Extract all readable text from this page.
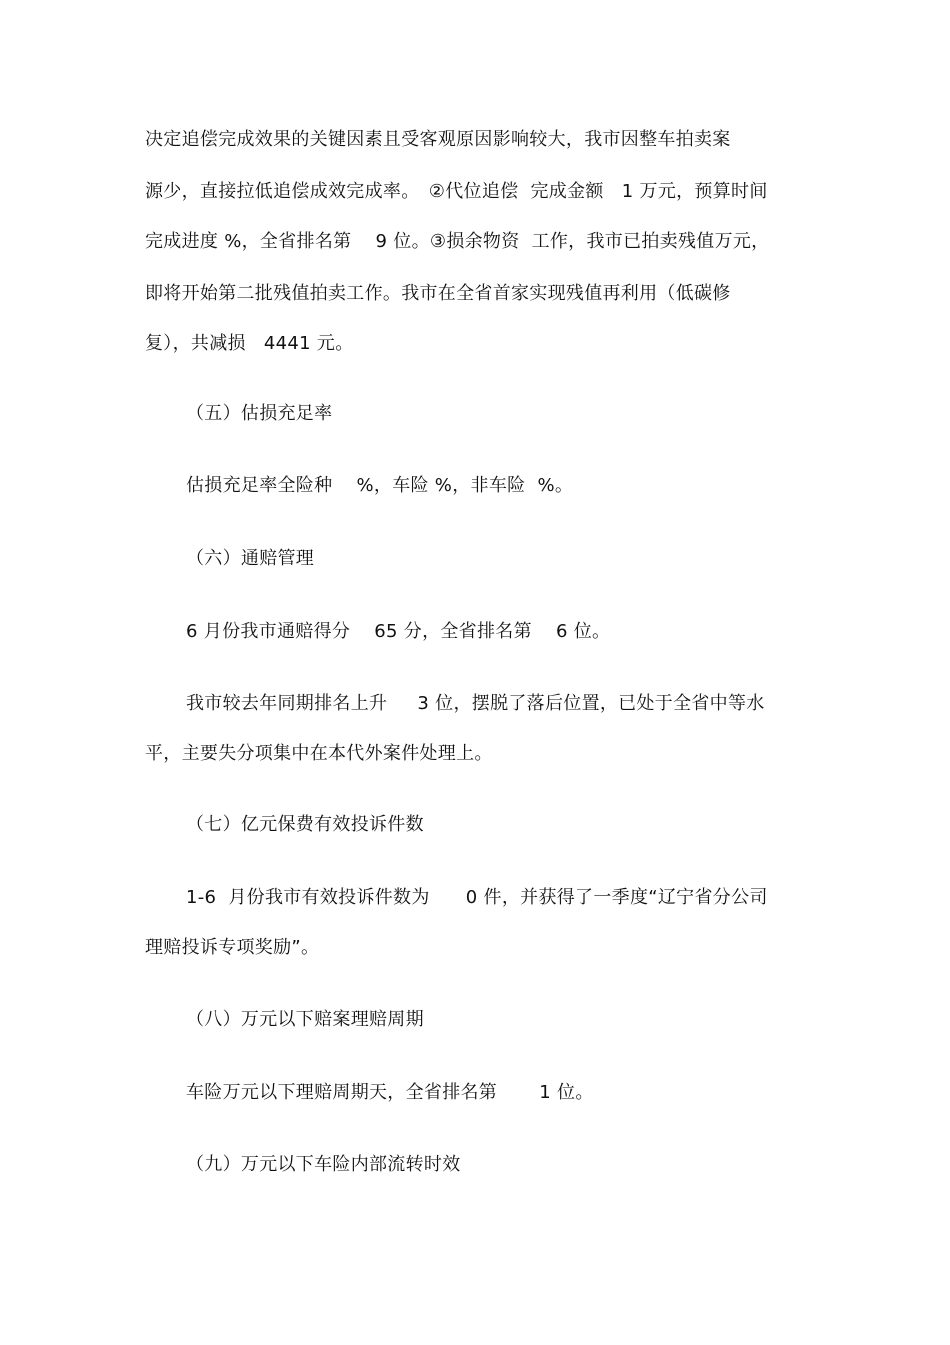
决定追偿完成效果的关键因素且受客观原因影响较大，我市因整车拍卖案
源少，直接拉低追偿成效完成率。　②代位追偿  完成金额   1 万元，预算时间
完成进度 %，全省排名第    9 位。③损余物资  工作，我市已拍卖残值万元，
即将开始第二批残值拍卖工作。我市在全省首家实现残值再利用（低碳修
复），共减损   4441 元。
（五）估损充足率
估损充足率全险种    %，车险 %，非车险  %。
（六）通赔管理
6 月份我市通赔得分    65 分，全省排名第    6 位。
我市较去年同期排名上升     3 位，摆脱了落后位置，已处于全省中等水
平，主要失分项集中在本代外案件处理上。
（七）亿元保费有效投诉件数
1-6  月份我市有效投诉件数为      0 件，并获得了一季度“辽宁省分公司
理赔投诉专项奖励”。
（八）万元以下赔案理赔周期
车险万元以下理赔周期天，全省排名第       1 位。
（九）万元以下车险内部流转时效
